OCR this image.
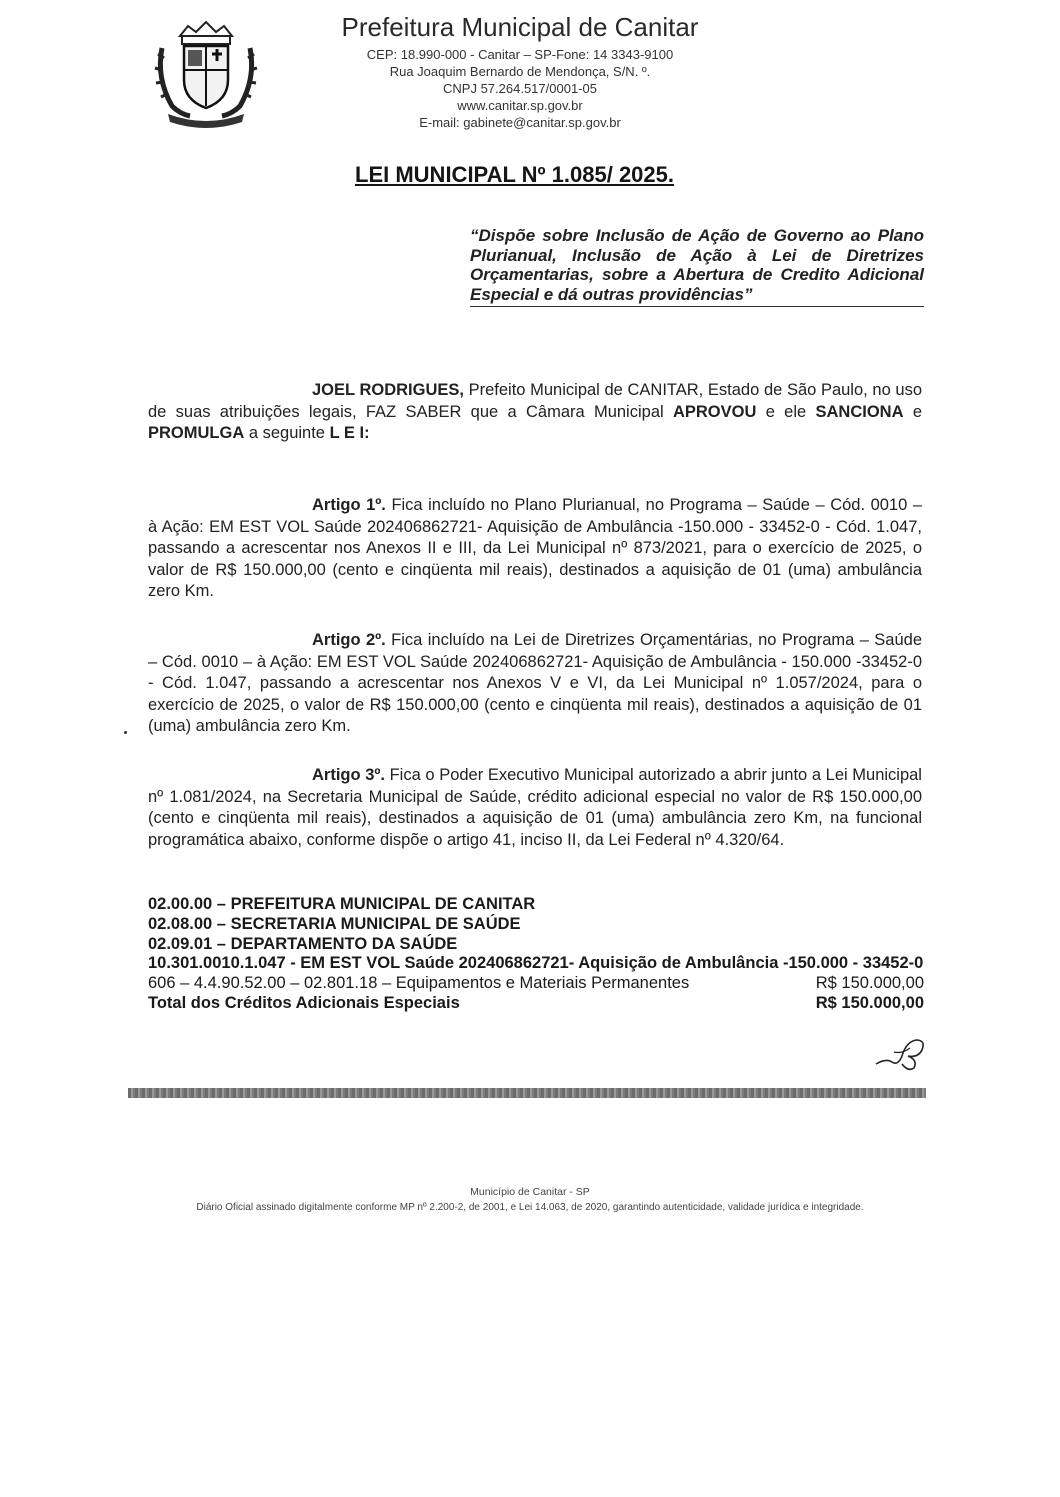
Prefeitura Municipal de Canitar
CEP: 18.990-000 - Canitar – SP-Fone: 14 3343-9100
Rua Joaquim Bernardo de Mendonça, S/N. º.
CNPJ 57.264.517/0001-05
www.canitar.sp.gov.br
E-mail: gabinete@canitar.sp.gov.br
LEI MUNICIPAL Nº 1.085/ 2025.
“Dispõe sobre Inclusão de Ação de Governo ao Plano Plurianual, Inclusão de Ação à Lei de Diretrizes Orçamentarias, sobre a Abertura de Credito Adicional Especial e dá outras providências”
JOEL RODRIGUES, Prefeito Municipal de CANITAR, Estado de São Paulo, no uso de suas atribuições legais, FAZ SABER que a Câmara Municipal APROVOU e ele SANCIONA e PROMULGA a seguinte L E I:
Artigo 1º. Fica incluído no Plano Plurianual, no Programa – Saúde – Cód. 0010 – à Ação: EM EST VOL Saúde 202406862721- Aquisição de Ambulância -150.000 - 33452-0 - Cód. 1.047, passando a acrescentar nos Anexos II e III, da Lei Municipal nº 873/2021, para o exercício de 2025, o valor de R$ 150.000,00 (cento e cinqüenta mil reais), destinados a aquisição de 01 (uma) ambulância zero Km.
Artigo 2º. Fica incluído na Lei de Diretrizes Orçamentárias, no Programa – Saúde – Cód. 0010 – à Ação: EM EST VOL Saúde 202406862721- Aquisição de Ambulância - 150.000 -33452-0 - Cód. 1.047, passando a acrescentar nos Anexos V e VI, da Lei Municipal nº 1.057/2024, para o exercício de 2025, o valor de R$ 150.000,00 (cento e cinqüenta mil reais), destinados a aquisição de 01 (uma) ambulância zero Km.
Artigo 3º. Fica o Poder Executivo Municipal autorizado a abrir junto a Lei Municipal nº 1.081/2024, na Secretaria Municipal de Saúde, crédito adicional especial no valor de R$ 150.000,00 (cento e cinqüenta mil reais), destinados a aquisição de 01 (uma) ambulância zero Km, na funcional programática abaixo, conforme dispõe o artigo 41, inciso II, da Lei Federal nº 4.320/64.
02.00.00 – PREFEITURA MUNICIPAL DE CANITAR
02.08.00 – SECRETARIA MUNICIPAL DE SAÚDE
02.09.01 – DEPARTAMENTO DA SAÚDE
10.301.0010.1.047 - EM EST VOL Saúde 202406862721- Aquisição de Ambulância -150.000 - 33452-0
606 – 4.4.90.52.00 – 02.801.18 – Equipamentos e Materiais Permanentes	R$ 150.000,00
Total dos Créditos Adicionais Especiais	R$ 150.000,00
Município de Canitar - SP
Diário Oficial assinado digitalmente conforme MP nº 2.200-2, de 2001, e Lei 14.063, de 2020, garantindo autenticidade, validade jurídica e integridade.
